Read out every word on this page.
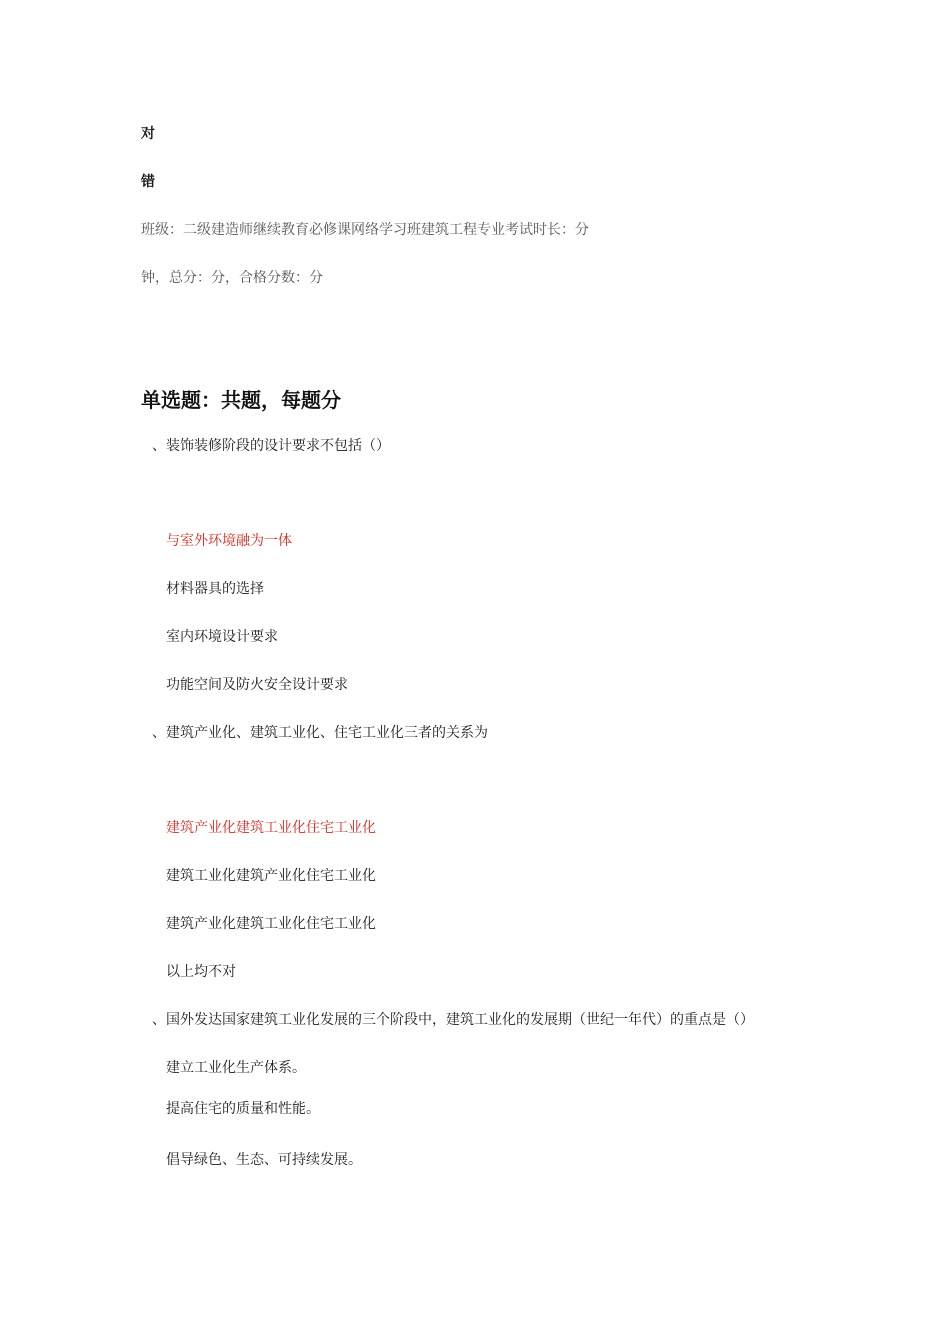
对
错
班级：二级建造师继续教育必修课网络学习班建筑工程专业考试时长：分
钟，总分：分，合格分数：分
单选题：共题，每题分
、装饰装修阶段的设计要求不包括（）
与室外环境融为一体
材料器具的选择
室内环境设计要求
功能空间及防火安全设计要求
、建筑产业化、建筑工业化、住宅工业化三者的关系为
建筑产业化建筑工业化住宅工业化
建筑工业化建筑产业化住宅工业化
建筑产业化建筑工业化住宅工业化
以上均不对
、国外发达国家建筑工业化发展的三个阶段中，建筑工业化的发展期（世纪一年代）的重点是（）
建立工业化生产体系。
提高住宅的质量和性能。
倡导绿色、生态、可持续发展。
